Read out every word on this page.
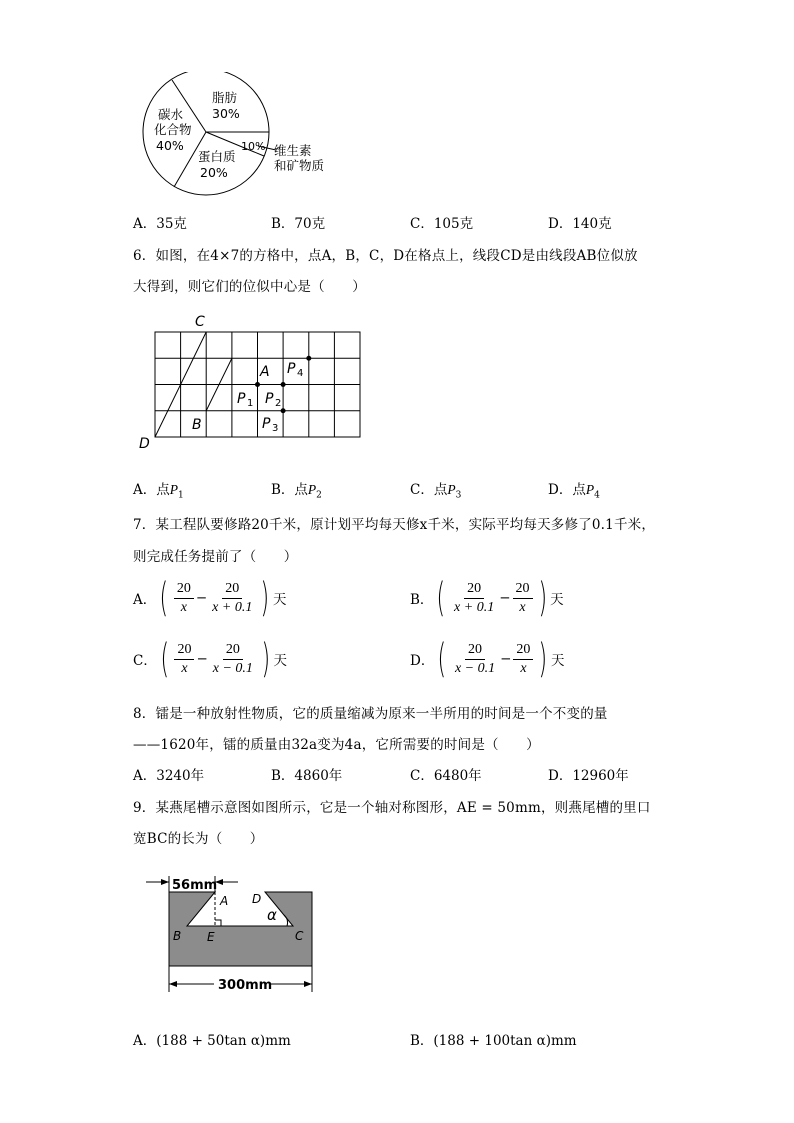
脂肪
30%
碳水
化合物
40%
蛋白质
20%
10% 维生素
和矿物质
A．35克	B．70克	C．105克	D．140克
6．如图，在4×7的方格中，点A，B，C，D在格点上，线段CD是由线段AB位似放
大得到，则它们的位似中心是（　　）
C
D
A
B
P P
P
P
1 2
3
4
A．点$P_1$	B．点$P_2$	C．点$P_3$	D．点$P_4$
7．某工程队要修路20千米，原计划平均每天修x千米，实际平均每天多修了0.1千米，
则完成任务提前了（　　）
A． ( $\frac{20}{x} - \frac{20}{x + 0.1}$ ) 天	B． ( $\frac{20}{x + 0.1} - \frac{20}{x}$ ) 天
C． ( $\frac{20}{x} - \frac{20}{x - 0.1}$ ) 天	D． ( $\frac{20}{x - 0.1} - \frac{20}{x}$ ) 天
8．镭是一种放射性物质，它的质量缩减为原来一半所用的时间是一个不变的量
——1620年，镭的质量由32a变为4a，它所需要的时间是（　　）
A．3240年	B．4860年	C．6480年	D．12960年
9．某燕尾槽示意图如图所示，它是一个轴对称图形，AE = 50mm，则燕尾槽的里口
宽BC的长为（　　）
56mm
300mm
A D
B E	C
α
A．(188 + 50tan α)mm	B．(188 + 100tan α)mm
